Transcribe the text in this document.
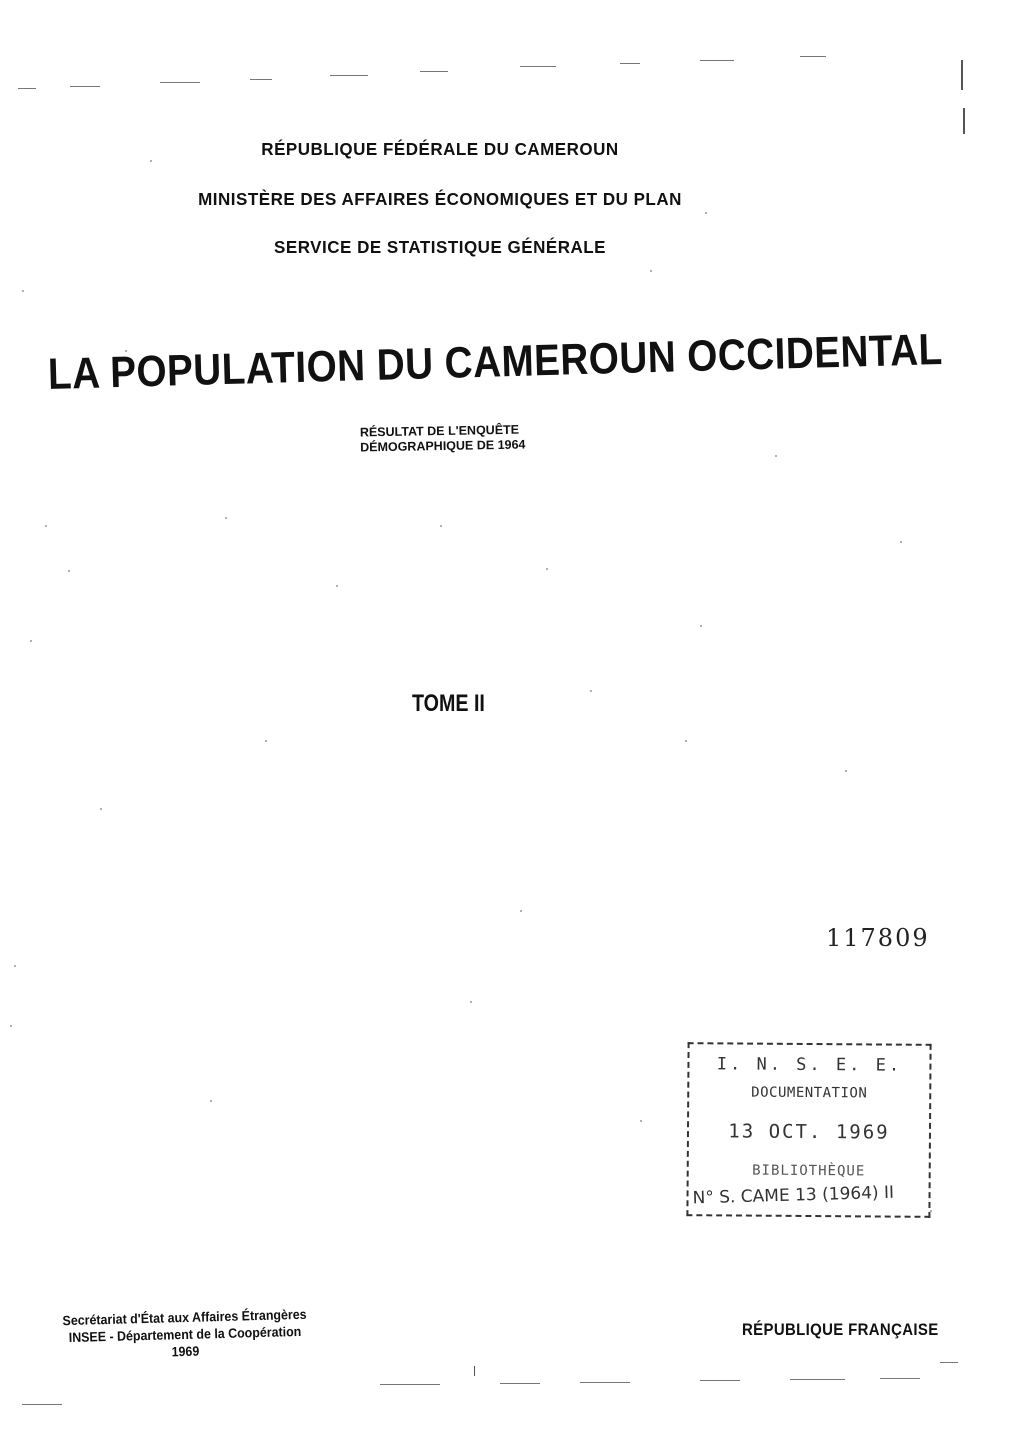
RÉPUBLIQUE FÉDÉRALE DU CAMEROUN
MINISTÈRE DES AFFAIRES ÉCONOMIQUES ET DU PLAN
SERVICE DE STATISTIQUE GÉNÉRALE
LA POPULATION DU CAMEROUN OCCIDENTAL
RÉSULTAT DE L'ENQUÊTE
DÉMOGRAPHIQUE DE 1964
TOME II
117809
I. N. S. E. E.
DOCUMENTATION
13 OCT. 1969
BIBLIOTHÈQUE
N° S. CAME 13 (1964) II
Secrétariat d'État aux Affaires Étrangères
INSEE - Département de la Coopération
1969
RÉPUBLIQUE FRANÇAISE
